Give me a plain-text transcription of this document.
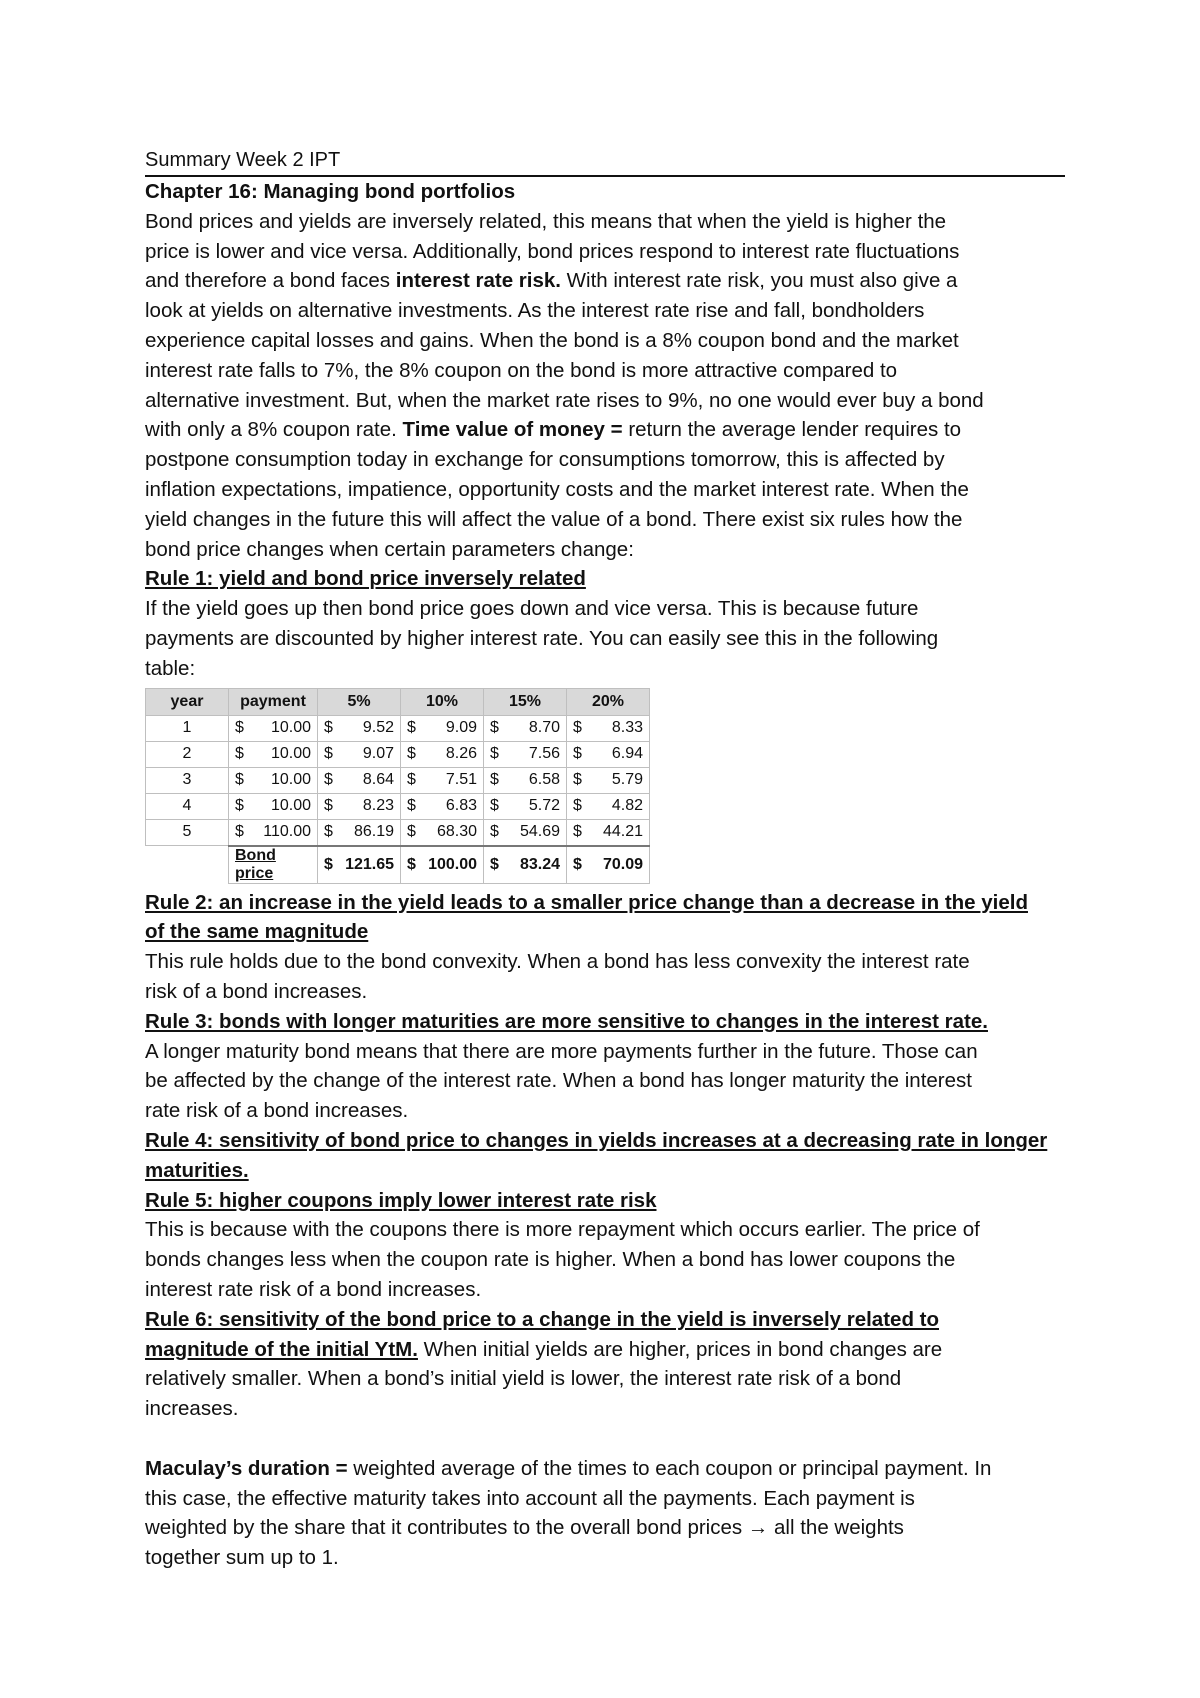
Summary Week 2 IPT
Chapter 16: Managing bond portfolios
Bond prices and yields are inversely related, this means that when the yield is higher the
price is lower and vice versa. Additionally, bond prices respond to interest rate fluctuations
and therefore a bond faces interest rate risk. With interest rate risk, you must also give a
look at yields on alternative investments. As the interest rate rise and fall, bondholders
experience capital losses and gains. When the bond is a 8% coupon bond and the market
interest rate falls to 7%, the 8% coupon on the bond is more attractive compared to
alternative investment. But, when the market rate rises to 9%, no one would ever buy a bond
with only a 8% coupon rate. Time value of money = return the average lender requires to
postpone consumption today in exchange for consumptions tomorrow, this is affected by
inflation expectations, impatience, opportunity costs and the market interest rate. When the
yield changes in the future this will affect the value of a bond. There exist six rules how the
bond price changes when certain parameters change:
Rule 1: yield and bond price inversely related
If the yield goes up then bond price goes down and vice versa. This is because future
payments are discounted by higher interest rate. You can easily see this in the following
table:
year	payment	5%	10%	15%	20%
1	$ 10.00	$ 9.52	$ 9.09	$ 8.70	$ 8.33

2	$ 10.00	$ 9.07	$ 8.26	$ 7.56	$ 6.94

3	$ 10.00	$ 8.64	$ 7.51	$ 6.58	$ 5.79

4	$ 10.00	$ 8.23	$ 6.83	$ 5.72	$ 4.82

5	$ 110.00	$ 86.19	$ 68.30	$ 54.69	$ 44.21

	Bond price	$ 121.65	$ 100.00	$ 83.24	$ 70.09
Rule 2: an increase in the yield leads to a smaller price change than a decrease in the yield
of the same magnitude
This rule holds due to the bond convexity. When a bond has less convexity the interest rate
risk of a bond increases.
Rule 3: bonds with longer maturities are more sensitive to changes in the interest rate.
A longer maturity bond means that there are more payments further in the future. Those can
be affected by the change of the interest rate. When a bond has longer maturity the interest
rate risk of a bond increases.
Rule 4: sensitivity of bond price to changes in yields increases at a decreasing rate in longer
maturities.
Rule 5: higher coupons imply lower interest rate risk
This is because with the coupons there is more repayment which occurs earlier. The price of
bonds changes less when the coupon rate is higher. When a bond has lower coupons the
interest rate risk of a bond increases.
Rule 6: sensitivity of the bond price to a change in the yield is inversely related to
magnitude of the initial YtM. When initial yields are higher, prices in bond changes are
relatively smaller. When a bond’s initial yield is lower, the interest rate risk of a bond
increases.
Maculay’s duration = weighted average of the times to each coupon or principal payment. In
this case, the effective maturity takes into account all the payments. Each payment is
weighted by the share that it contributes to the overall bond prices → all the weights
together sum up to 1.
